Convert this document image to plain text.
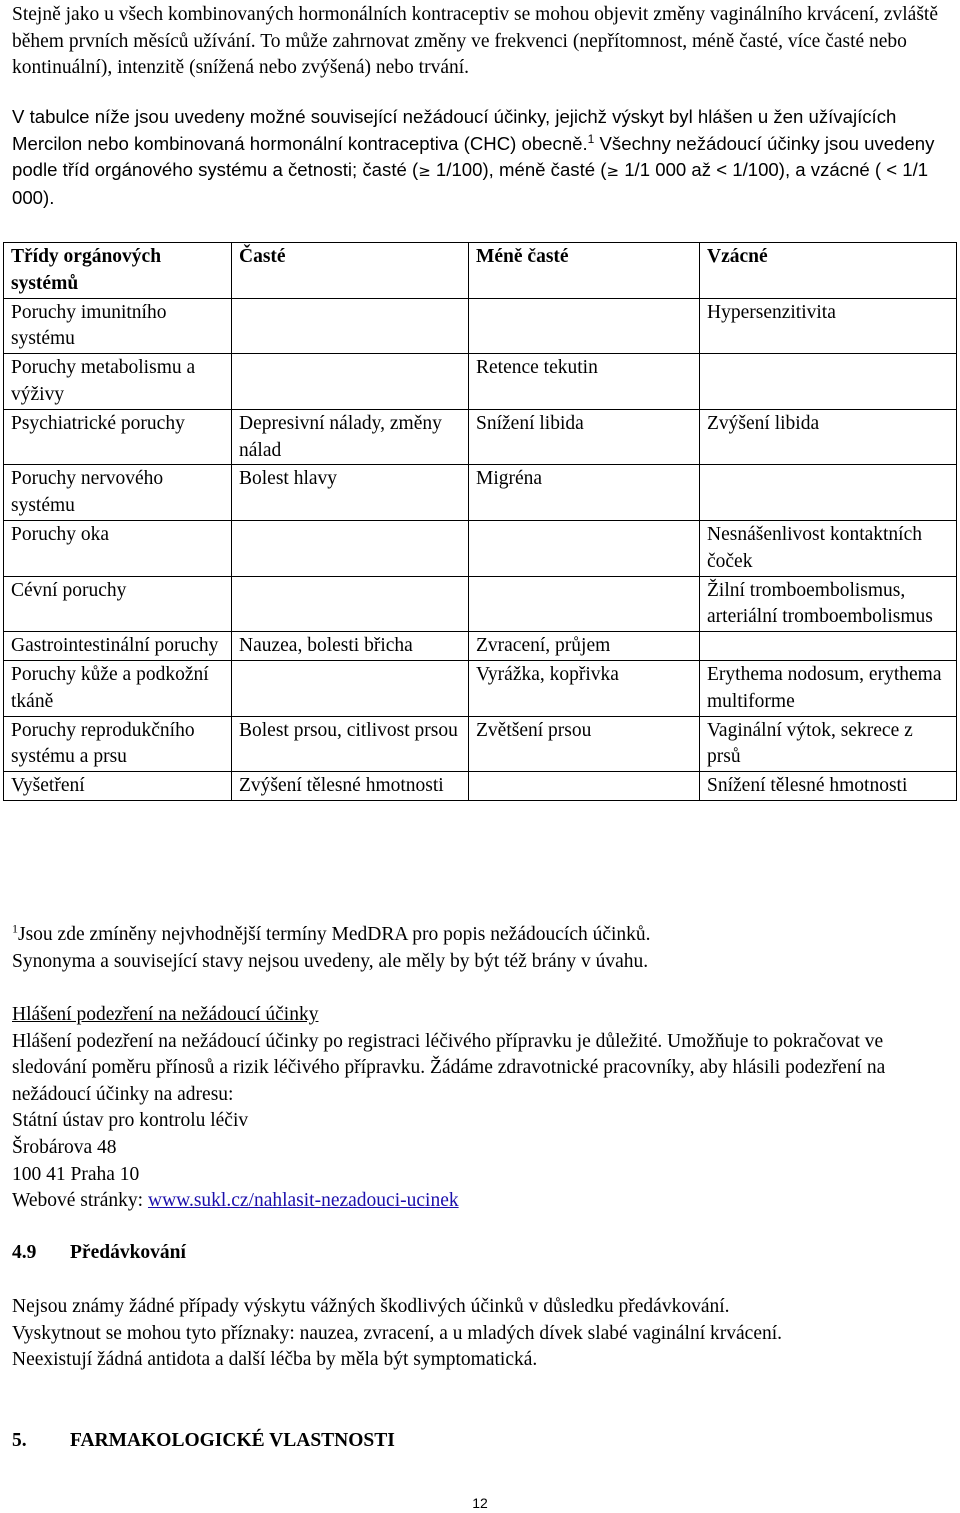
Stejně jako u všech kombinovaných hormonálních kontraceptiv se mohou objevit změny vaginálního krvácení, zvláště během prvních měsíců užívání. To může zahrnovat změny ve frekvenci (nepřítomnost, méně časté, více časté nebo kontinuální), intenzitě (snížená nebo zvýšená) nebo trvání.

V tabulce níže jsou uvedeny možné související nežádoucí účinky, jejichž výskyt byl hlášen u žen užívajících Mercilon nebo kombinovaná hormonální kontraceptiva (CHC) obecně.$^1$ Všechny nežádoucí účinky jsou uvedeny podle tříd orgánového systému a četnosti; časté (≥ 1/100), méně časté (≥ 1/1 000 až < 1/100), a vzácné ( < 1/1 000).

Třídy orgánových systémů	Časté	Méně časté	Vzácné
Poruchy imunitního systému			Hypersenzitivita
Poruchy metabolismu a výživy		Retence tekutin	
Psychiatrické poruchy	Depresivní nálady, změny nálad	Snížení libida	Zvýšení libida
Poruchy nervového systému	Bolest hlavy	Migréna	
Poruchy oka			Nesnášenlivost kontaktních čoček
Cévní poruchy			Žilní tromboembolismus, arteriální tromboembolismus
Gastrointestinální poruchy	Nauzea, bolesti břicha	Zvracení, průjem	
Poruchy kůže a podkožní tkáně		Vyrážka, kopřivka	Erythema nodosum, erythema multiforme
Poruchy reprodukčního systému a prsu	Bolest prsou, citlivost prsou	Zvětšení prsou	Vaginální výtok, sekrece z prsů
Vyšetření	Zvýšení tělesné hmotnosti		Snížení tělesné hmotnosti

$^1$Jsou zde zmíněny nejvhodnější termíny MedDRA pro popis nežádoucích účinků.
Synonyma a související stavy nejsou uvedeny, ale měly by být též brány v úvahu.

Hlášení podezření na nežádoucí účinky
Hlášení podezření na nežádoucí účinky po registraci léčivého přípravku je důležité. Umožňuje to pokračovat ve sledování poměru přínosů a rizik léčivého přípravku. Žádáme zdravotnické pracovníky, aby hlásili podezření na nežádoucí účinky na adresu:
Státní ústav pro kontrolu léčiv
Šrobárova 48
100 41 Praha 10
Webové stránky: www.sukl.cz/nahlasit-nezadouci-ucinek
4.9 Předávkování
Nejsou známy žádné případy výskytu vážných škodlivých účinků v důsledku předávkování.
Vyskytnout se mohou tyto příznaky: nauzea, zvracení, a u mladých dívek slabé vaginální krvácení.
Neexistují žádná antidota a další léčba by měla být symptomatická.
5. FARMAKOLOGICKÉ VLASTNOSTI
12
